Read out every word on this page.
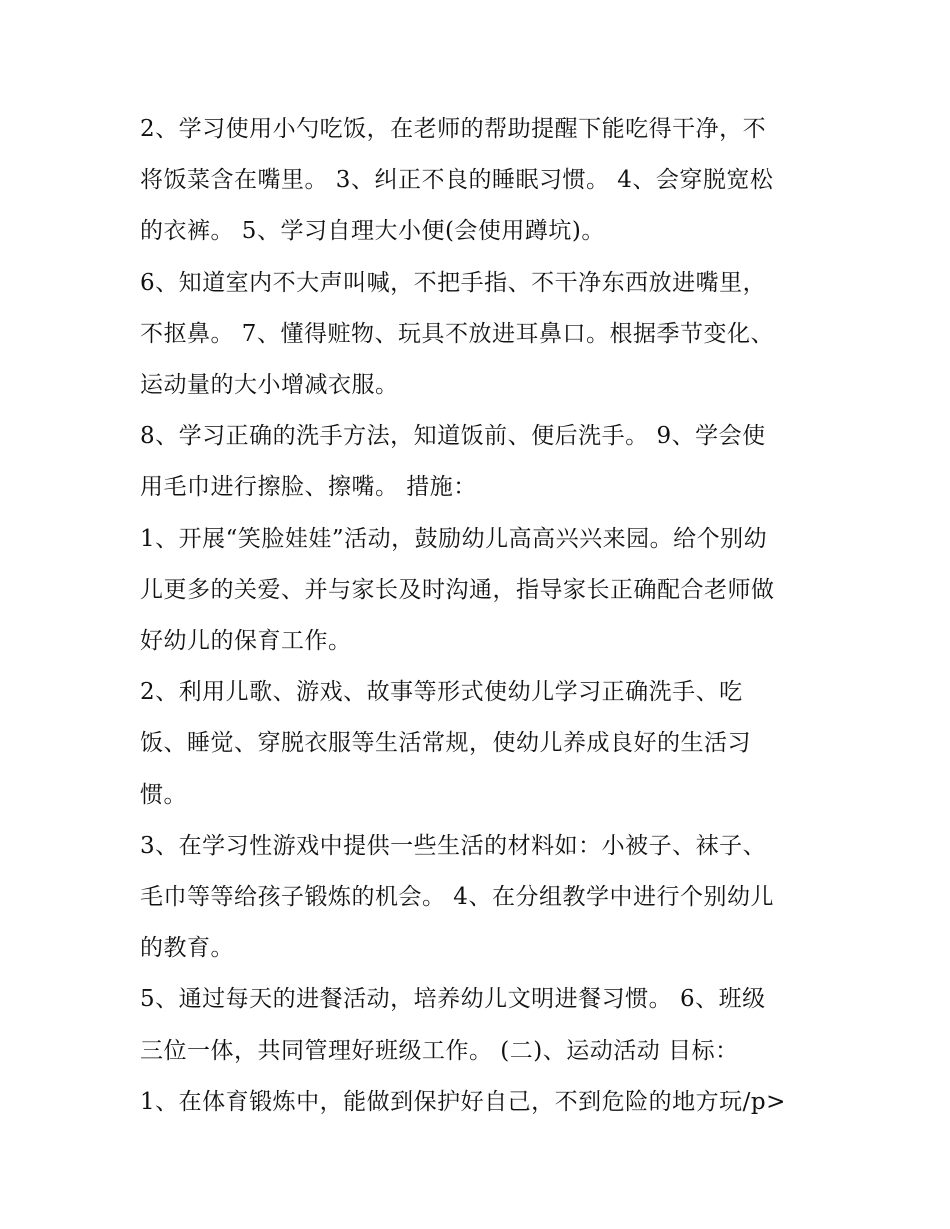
2、学习使用小勺吃饭，在老师的帮助提醒下能吃得干净，不
将饭菜含在嘴里。 3、纠正不良的睡眠习惯。 4、会穿脱宽松
的衣裤。 5、学习自理大小便(会使用蹲坑)。

6、知道室内不大声叫喊，不把手指、不干净东西放进嘴里，
不抠鼻。 7、懂得赃物、玩具不放进耳鼻口。根据季节变化、
运动量的大小增减衣服。

8、学习正确的洗手方法，知道饭前、便后洗手。 9、学会使
用毛巾进行擦脸、擦嘴。 措施：

1、开展“笑脸娃娃”活动，鼓励幼儿高高兴兴来园。给个别幼
儿更多的关爱、并与家长及时沟通，指导家长正确配合老师做
好幼儿的保育工作。

2、利用儿歌、游戏、故事等形式使幼儿学习正确洗手、吃
饭、睡觉、穿脱衣服等生活常规，使幼儿养成良好的生活习
惯。

3、在学习性游戏中提供一些生活的材料如：小被子、袜子、
毛巾等等给孩子锻炼的机会。 4、在分组教学中进行个别幼儿
的教育。

5、通过每天的进餐活动，培养幼儿文明进餐习惯。 6、班级
三位一体，共同管理好班级工作。 (二)、运动活动 目标：

1、在体育锻炼中，能做到保护好自己，不到危险的地方玩/p>
